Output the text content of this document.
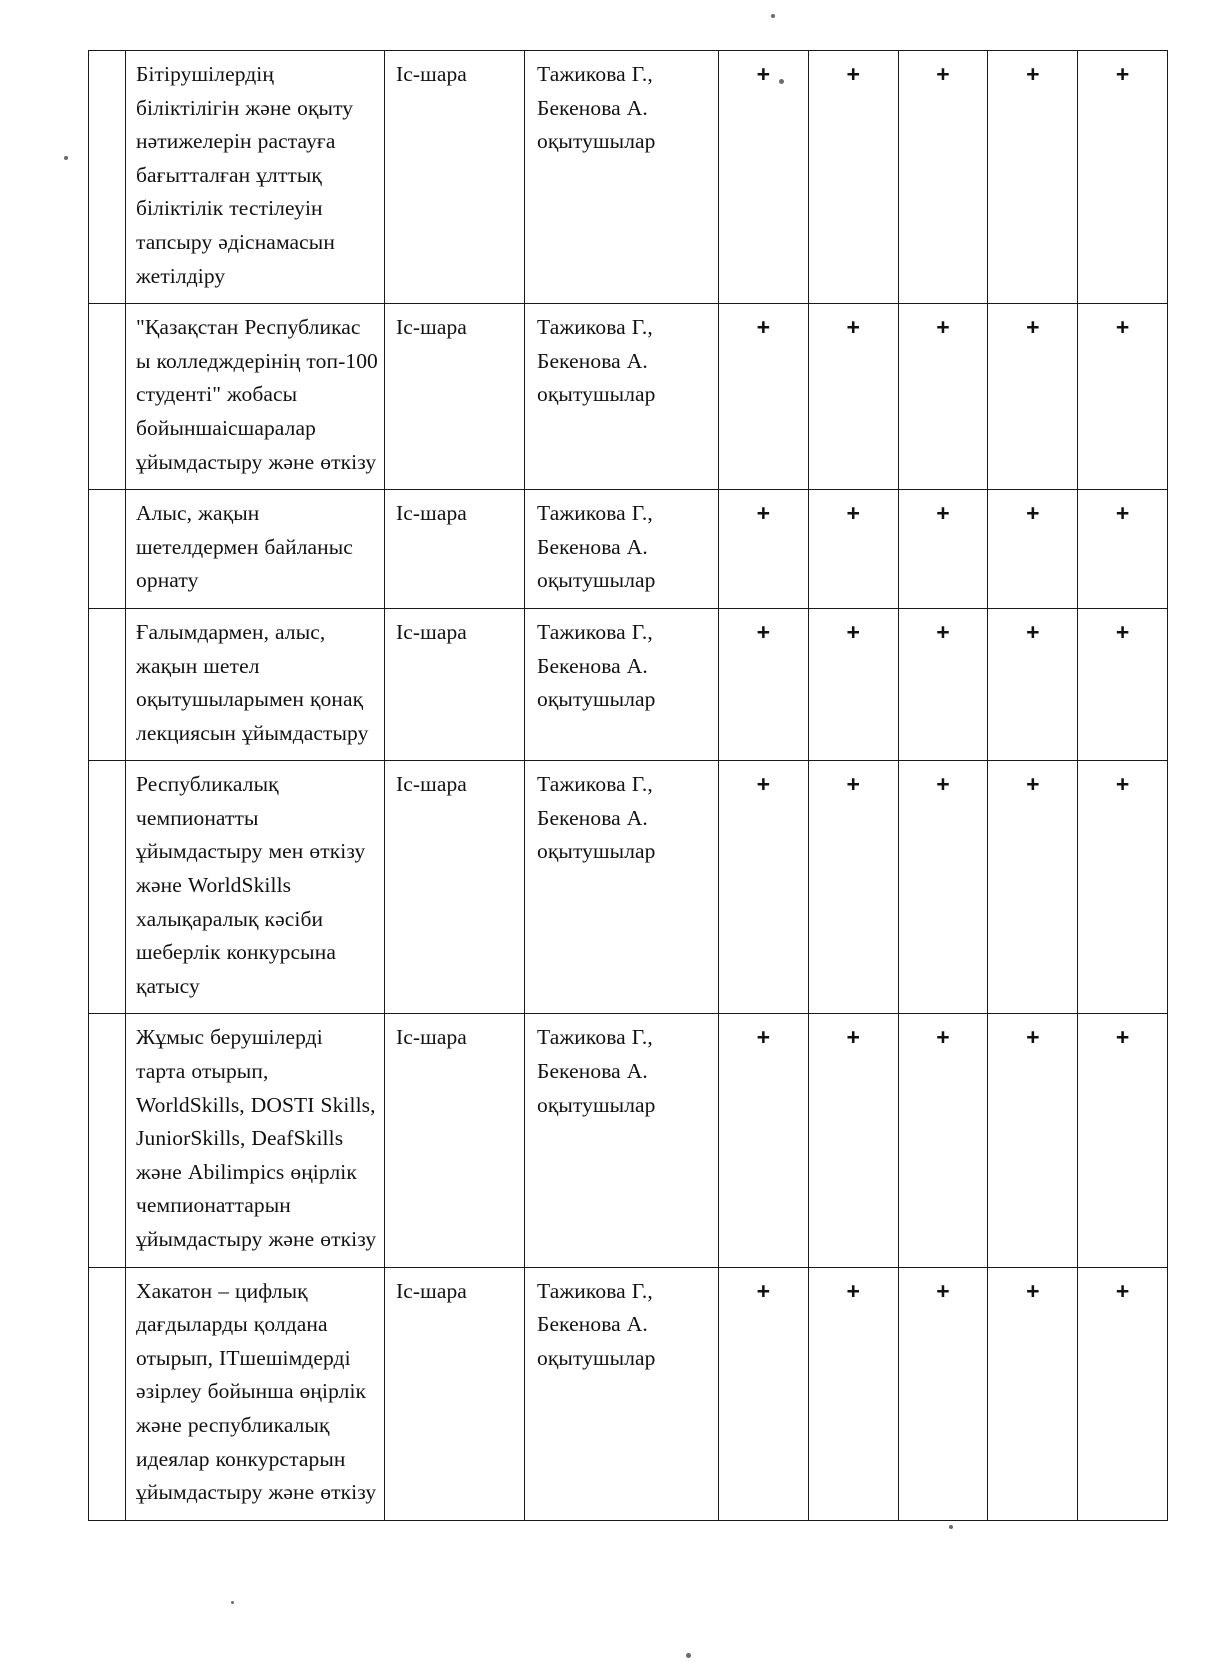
	Бітірушілердің біліктілігін және оқыту нәтижелерін растауға бағытталған ұлттық біліктілік тестілеуін тапсыру әдіснамасын жетілдіру	Іс-шара	Тажикова Г., Бекенова А. оқытушылар	+	+	+	+	+

	"Қазақстан Республикас ы колледждерінің топ-100 студенті" жобасы бойыншаісшаралар ұйымдастыру және өткізу	Іс-шара	Тажикова Г., Бекенова А. оқытушылар	+	+	+	+	+

	Алыс, жақын шетелдермен байланыс орнату	Іс-шара	Тажикова Г., Бекенова А. оқытушылар	+	+	+	+	+

	Ғалымдармен, алыс, жақын шетел оқытушыларымен қонақ лекциясын ұйымдастыру	Іс-шара	Тажикова Г., Бекенова А. оқытушылар	+	+	+	+	+

	Республикалық чемпионатты ұйымдастыру мен өткізу және WorldSkills халықаралық кәсіби шеберлік конкурсына қатысу	Іс-шара	Тажикова Г., Бекенова А. оқытушылар	+	+	+	+	+

	Жұмыс берушілерді тарта отырып, WorldSkills, DOSTI Skills, JuniorSkills, DeafSkills және Abilimpics өңірлік чемпионаттарын ұйымдастыру және өткізу	Іс-шара	Тажикова Г., Бекенова А. оқытушылар	+	+	+	+	+

	Хакатон – цифлық дағдыларды қолдана отырып, ITшешімдерді әзірлеу бойынша өңірлік және республикалық идеялар конкурстарын ұйымдастыру және өткізу	Іс-шара	Тажикова Г., Бекенова А. оқытушылар	+	+	+	+	+
